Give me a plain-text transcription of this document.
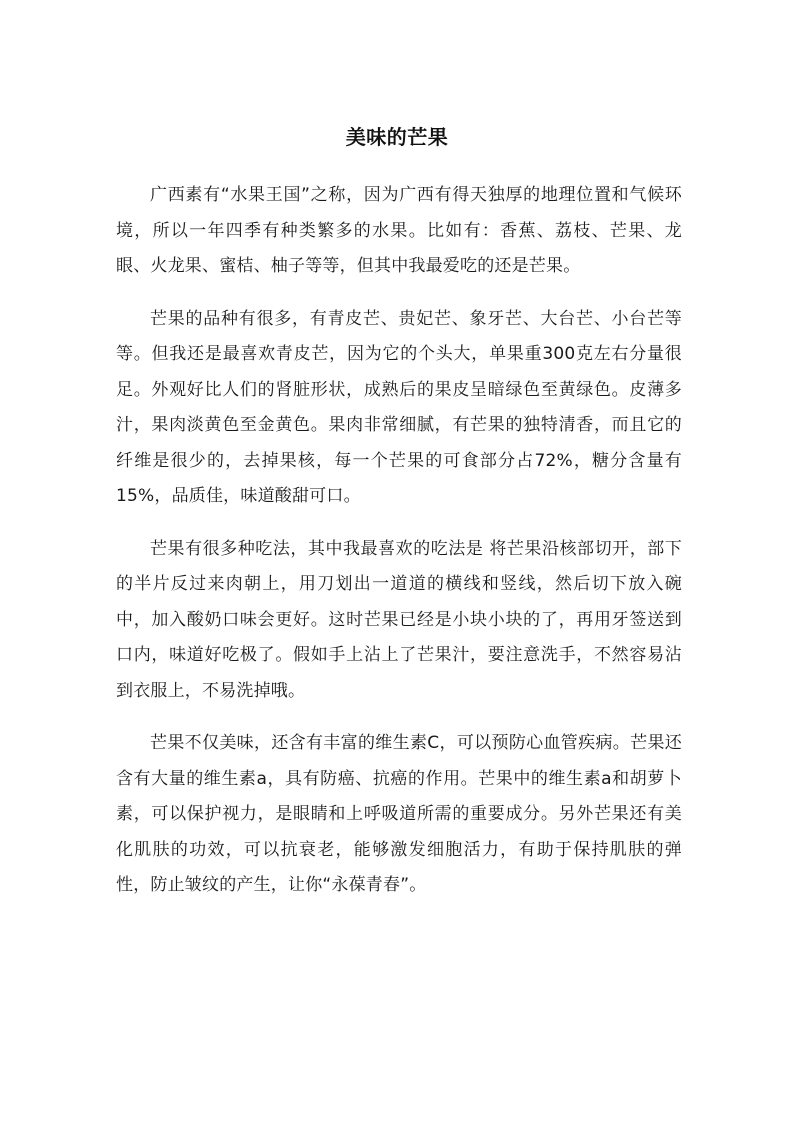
美味的芒果

广西素有“水果王国”之称，因为广西有得天独厚的地理位置和气候环境，所以一年四季有种类繁多的水果。比如有：香蕉、荔枝、芒果、龙眼、火龙果、蜜桔、柚子等等，但其中我最爱吃的还是芒果。

芒果的品种有很多，有青皮芒、贵妃芒、象牙芒、大台芒、小台芒等等。但我还是最喜欢青皮芒，因为它的个头大，单果重300克左右分量很足。外观好比人们的肾脏形状，成熟后的果皮呈暗绿色至黄绿色。皮薄多汁，果肉淡黄色至金黄色。果肉非常细腻，有芒果的独特清香，而且它的纤维是很少的，去掉果核，每一个芒果的可食部分占72%，糖分含量有15%，品质佳，味道酸甜可口。

芒果有很多种吃法，其中我最喜欢的吃法是 将芒果沿核部切开，部下的半片反过来肉朝上，用刀划出一道道的横线和竖线，然后切下放入碗中，加入酸奶口味会更好。这时芒果已经是小块小块的了，再用牙签送到口内，味道好吃极了。假如手上沾上了芒果汁，要注意洗手，不然容易沾到衣服上，不易洗掉哦。

芒果不仅美味，还含有丰富的维生素C，可以预防心血管疾病。芒果还含有大量的维生素a，具有防癌、抗癌的作用。芒果中的维生素a和胡萝卜素，可以保护视力，是眼睛和上呼吸道所需的重要成分。另外芒果还有美化肌肤的功效，可以抗衰老，能够激发细胞活力，有助于保持肌肤的弹性，防止皱纹的产生，让你“永葆青春”。
